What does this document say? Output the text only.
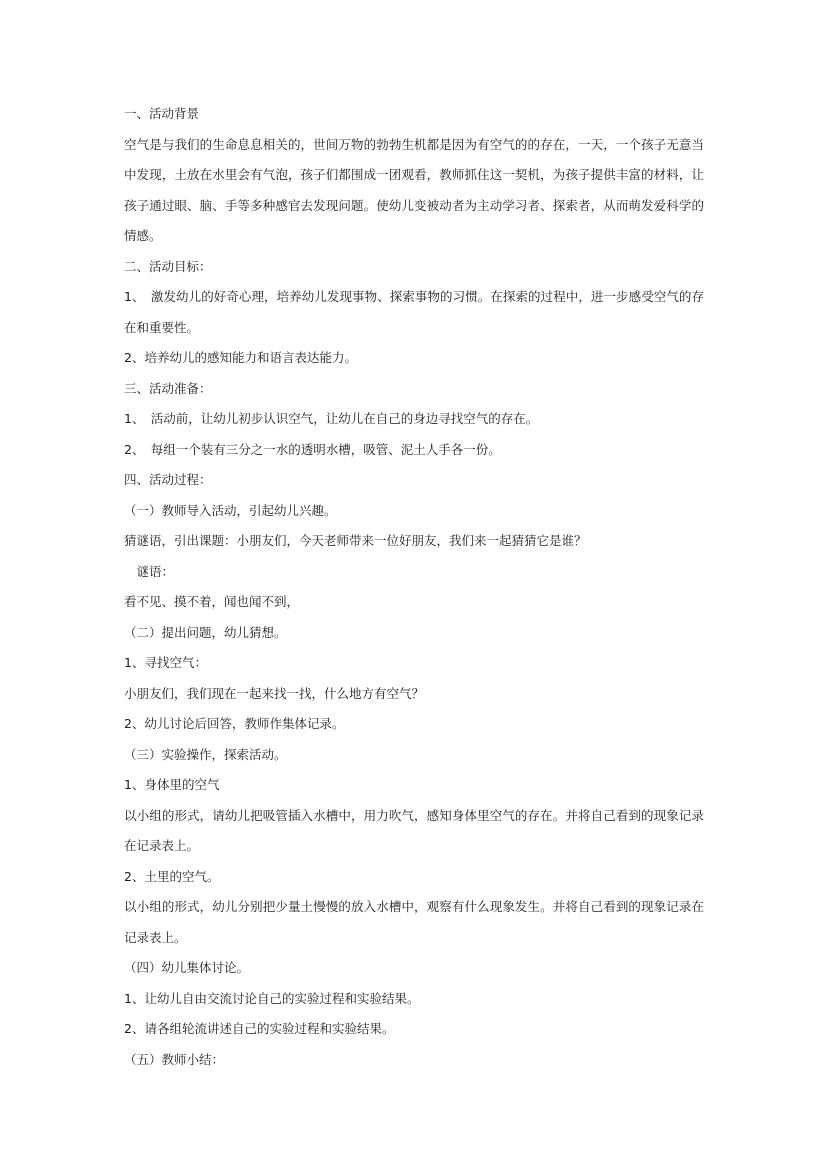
一、活动背景
空气是与我们的生命息息相关的，世间万物的勃勃生机都是因为有空气的的存在，一天，一个孩子无意当
中发现，土放在水里会有气泡，孩子们都围成一团观看，教师抓住这一契机，为孩子提供丰富的材料，让
孩子通过眼、脑、手等多种感官去发现问题。使幼儿变被动者为主动学习者、探索者，从而萌发爱科学的
情感。
二、活动目标：
1、　激发幼儿的好奇心理，培养幼儿发现事物、探索事物的习惯。在探索的过程中，进一步感受空气的存
在和重要性。
2、培养幼儿的感知能力和语言表达能力。
三、活动准备：
1、　活动前，让幼儿初步认识空气，让幼儿在自己的身边寻找空气的存在。
2、　每组一个装有三分之一水的透明水槽，吸管、泥土人手各一份。
四、活动过程：
（一）教师导入活动，引起幼儿兴趣。
猜谜语，引出课题：小朋友们，今天老师带来一位好朋友，我们来一起猜猜它是谁？
　谜语：
看不见、摸不着，闻也闻不到，
（二）提出问题，幼儿猜想。
1、寻找空气：
小朋友们，我们现在一起来找一找，什么地方有空气？
2、幼儿讨论后回答，教师作集体记录。
（三）实验操作，探索活动。
1、身体里的空气
以小组的形式，请幼儿把吸管插入水槽中，用力吹气，感知身体里空气的存在。并将自己看到的现象记录
在记录表上。
2、土里的空气。
以小组的形式，幼儿分别把少量土慢慢的放入水槽中，观察有什么现象发生。并将自己看到的现象记录在
记录表上。
（四）幼儿集体讨论。
1、让幼儿自由交流讨论自己的实验过程和实验结果。
2、请各组轮流讲述自己的实验过程和实验结果。
（五）教师小结：
